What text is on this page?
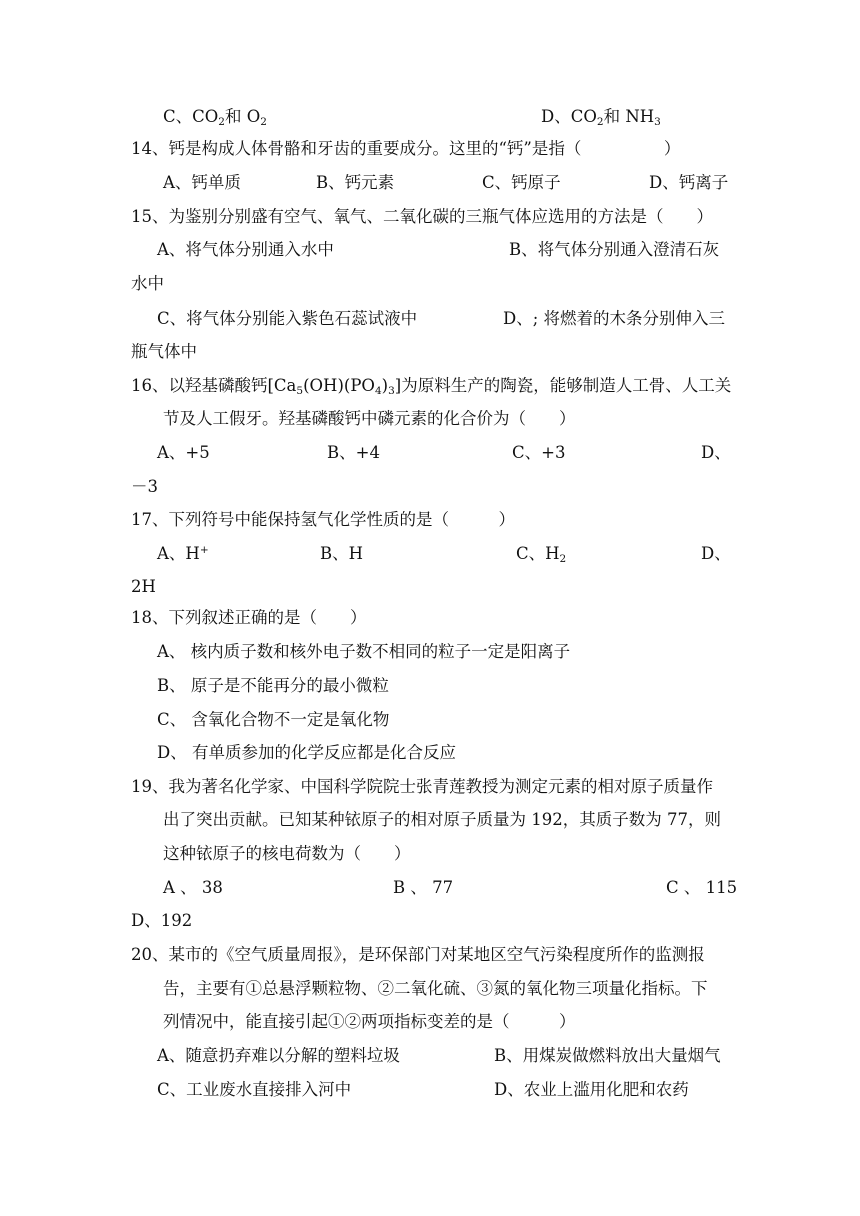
C、$CO_2$和 $O_2$	D、$CO_2$和 $NH_3$
14、钙是构成人体骨骼和牙齿的重要成分。这里的“钙”是指（　　　　　）
A、钙单质	B、钙元素	C、钙原子	D、钙离子
15、为鉴别分别盛有空气、氧气、二氧化碳的三瓶气体应选用的方法是（　　）
A、将气体分别通入水中	B、将气体分别通入澄清石灰
水中
C、将气体分别能入紫色石蕊试液中	D、; 将燃着的木条分别伸入三
瓶气体中
16、以羟基磷酸钙$[Ca_5(OH)(PO_4)_3]$为原料生产的陶瓷，能够制造人工骨、人工关
节及人工假牙。羟基磷酸钙中磷元素的化合价为（　　）
A、+5	B、+4	C、+3	D、
－3
17、下列符号中能保持氢气化学性质的是（　　　）
A、H+	B、H	C、$H_2$	D、
2H
18、下列叙述正确的是（　　）
A、 核内质子数和核外电子数不相同的粒子一定是阳离子
B、 原子是不能再分的最小微粒
C、 含氧化合物不一定是氧化物
D、 有单质参加的化学反应都是化合反应
19、我为著名化学家、中国科学院院士张青莲教授为测定元素的相对原子质量作
出了突出贡献。已知某种铱原子的相对原子质量为 192，其质子数为 77，则
这种铱原子的核电荷数为（　　）
A 、 38	B 、 77	C 、 115
D、192
20、某市的《空气质量周报》，是环保部门对某地区空气污染程度所作的监测报
告，主要有①总悬浮颗粒物、②二氧化硫、③氮的氧化物三项量化指标。下
列情况中，能直接引起①②两项指标变差的是（　　　）
A、随意扔弃难以分解的塑料垃圾	B、用煤炭做燃料放出大量烟气
C、工业废水直接排入河中	D、农业上滥用化肥和农药
